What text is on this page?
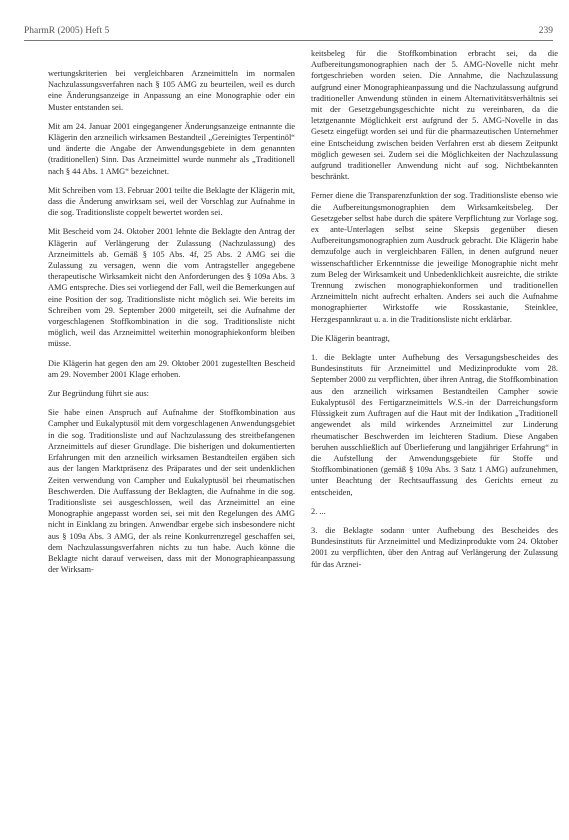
PharmR (2005) Heft 5	239

wertungskriterien bei vergleichbaren Arzneimitteln im normalen Nachzulassungsverfahren nach § 105 AMG zu beurteilen, weil es durch eine Änderungsanzeige in Anpassung an eine Monographie oder ein Muster entstanden sei.

Mit am 24. Januar 2001 eingegangener Änderungsanzeige entnannte die Klägerin den arzneilich wirksamen Bestandteil „Gereinigtes Terpentinöl“ und änderte die Angabe der Anwendungsgebiete in dem genannten (traditionellen) Sinn. Das Arzneimittel wurde nunmehr als „Traditionell nach § 44 Abs. 1 AMG“ bezeichnet.

Mit Schreiben vom 13. Februar 2001 teilte die Beklagte der Klägerin mit, dass die Änderung anwirksam sei, weil der Vorschlag zur Aufnahme in die sog. Traditionsliste coppelt bewertet worden sei.

Mit Bescheid vom 24. Oktober 2001 lehnte die Beklagte den Antrag der Klägerin auf Verlängerung der Zulassung (Nachzulassung) des Arzneimittels ab. Gemäß § 105 Abs. 4f, 25 Abs. 2 AMG sei die Zulassung zu versagen, wenn die vom Antragsteller angegebene therapeutische Wirksamkeit nicht den Anforderungen des § 109a Abs. 3 AMG entspreche. Dies sei vorliegend der Fall, weil die Bemerkungen auf eine Position der sog. Traditionsliste nicht möglich sei. Wie bereits im Schreiben vom 29. September 2000 mitgeteilt, sei die Aufnahme der vorgeschlagenen Stoffkombination in die sog. Traditionsliste nicht möglich, weil das Arzneimittel weiterhin monographiekonform bleiben müsse.

Die Klägerin hat gegen den am 29. Oktober 2001 zugestellten Bescheid am 29. November 2001 Klage erhoben.

Zur Begründung führt sie aus:

Sie habe einen Anspruch auf Aufnahme der Stoffkombination aus Campher und Eukalyptusöl mit dem vorgeschlagenen Anwendungsgebiet in die sog. Traditionsliste und auf Nachzulassung des streitbefangenen Arzneimittels auf dieser Grundlage. Die bisherigen und dokumentierten Erfahrungen mit den arzneilich wirksamen Bestandteilen ergäben sich aus der langen Marktpräsenz des Präparates und der seit undenklichen Zeiten verwendung von Campher und Eukalyptusöl bei rheumatischen Beschwerden. Die Auffassung der Beklagten, die Aufnahme in die sog. Traditionsliste sei ausgeschlossen, weil das Arzneimittel an eine Monographie angepasst worden sei, sei mit den Regelungen des AMG nicht in Einklang zu bringen. Anwendbar ergebe sich insbesondere nicht aus § 109a Abs. 3 AMG, der als reine Konkurrenzregel geschaffen sei, dem Nachzulassungsverfahren nichts zu tun habe. Auch könne die Beklagte nicht darauf verweisen, dass mit der Monographieanpassung der Wirksam-

keitsbeleg für die Stoffkombination erbracht sei, da die Aufbereitungsmonographien nach der 5. AMG-Novelle nicht mehr fortgeschrieben worden seien. Die Annahme, die Nachzulassung aufgrund einer Monographieanpassung und die Nachzulassung aufgrund traditioneller Anwendung stünden in einem Alternativitätsverhältnis sei mit der Gesetzgebungsgeschichte nicht zu vereinbaren, da die letztgenannte Möglichkeit erst aufgrund der 5. AMG-Novelle in das Gesetz eingefügt worden sei und für die pharmazeutischen Unternehmer eine Entscheidung zwischen beiden Verfahren erst ab diesem Zeitpunkt möglich gewesen sei. Zudem sei die Möglichkeiten der Nachzulassung aufgrund traditioneller Anwendung nicht auf sog. Nichtbekannten beschränkt.

Ferner diene die Transparenzfunktion der sog. Traditionsliste ebenso wie die Aufbereitungsmonographien dem Wirksamkeitsbeleg. Der Gesetzgeber selbst habe durch die spätere Verpflichtung zur Vorlage sog. ex ante-Unterlagen selbst seine Skepsis gegenüber diesen Aufbereitungsmonographien zum Ausdruck gebracht. Die Klägerin habe demzufolge auch in vergleichbaren Fällen, in denen aufgrund neuer wissenschaftlicher Erkenntnisse die jeweilige Monographie nicht mehr zum Beleg der Wirksamkeit und Unbedenklichkeit ausreichte, die strikte Trennung zwischen monographiekonformen und traditionellen Arzneimitteln nicht aufrecht erhalten. Anders sei auch die Aufnahme monographierter Wirkstoffe wie Rosskastanie, Steinklee, Herzgespannkraut u. a. in die Traditionsliste nicht erklärbar.

Die Klägerin beantragt,

1. die Beklagte unter Aufhebung des Versagungsbescheides des Bundesinstituts für Arzneimittel und Medizinprodukte vom 28. September 2000 zu verpflichten, über ihren Antrag, die Stoffkombination aus den arzneilich wirksamen Bestandteilen Campher sowie Eukalyptusöl des Fertigarzneimittels W.S.-in der Darreichungsform Flüssigkeit zum Auftragen auf die Haut mit der Indikation „Traditionell angewendet als mild wirkendes Arzneimittel zur Linderung rheumatischer Beschwerden im leichteren Stadium. Diese Angaben beruhen ausschließlich auf Überlieferung und langjähriger Erfahrung“ in die Aufstellung der Anwendungsgebiete für Stoffe und Stoffkombinationen (gemäß § 109a Abs. 3 Satz 1 AMG) aufzunehmen, unter Beachtung der Rechtsauffassung des Gerichts erneut zu entscheiden,

2. ...

3. die Beklagte sodann unter Aufhebung des Bescheides des Bundesinstituts für Arzneimittel und Medizinprodukte vom 24. Oktober 2001 zu verpflichten, über den Antrag auf Verlängerung der Zulassung für das Arznei-
